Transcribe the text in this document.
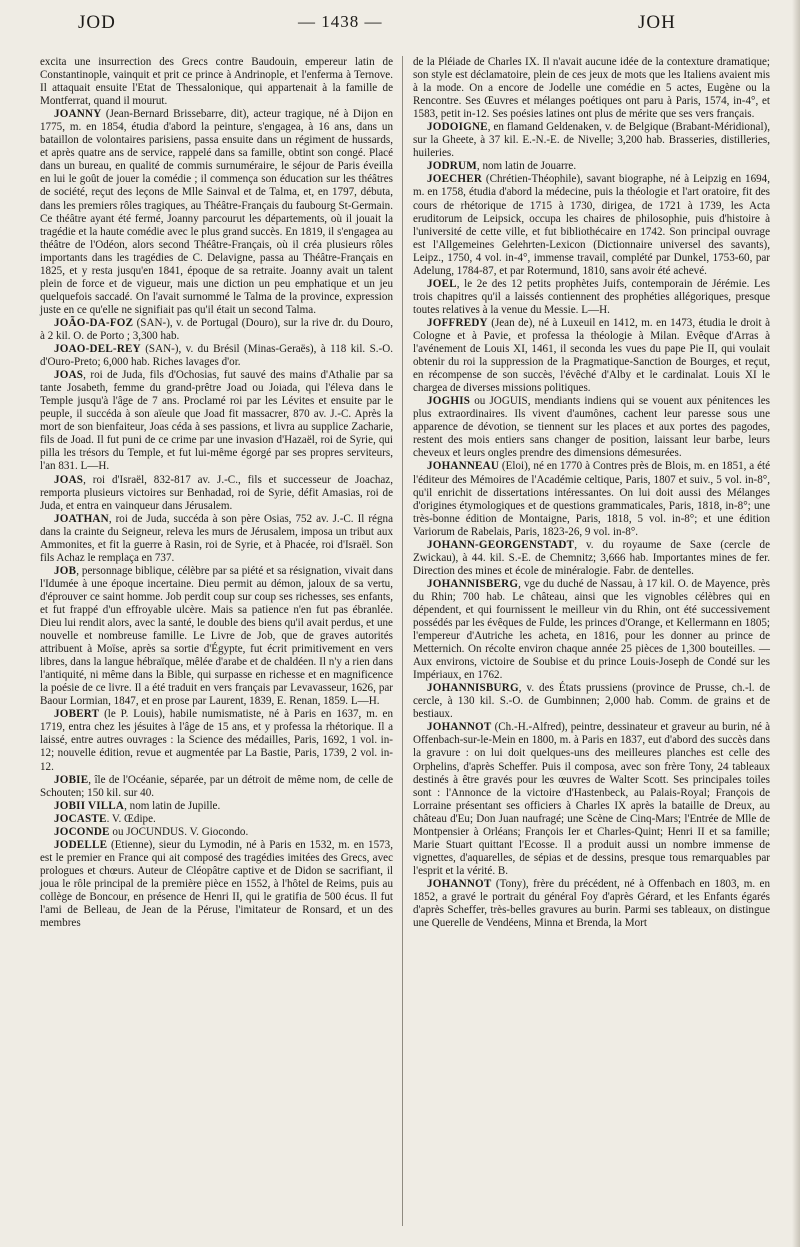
JOD	— 1438 —	JOH

excita une insurrection des Grecs contre Baudouin, empereur latin de Constantinople, vainquit et prit ce prince à Andrinople, et l'enferma à Ternove. Il attaquait ensuite l'Etat de Thessalonique, qui appartenait à la famille de Montferrat, quand il mourut.

JOANNY (Jean-Bernard Brissebarre, dit), acteur tragique, né à Dijon en 1775, m. en 1854, étudia d'abord la peinture, s'engagea, à 16 ans, dans un bataillon de volontaires parisiens, passa ensuite dans un régiment de hussards, et après quatre ans de service, rappelé dans sa famille, obtint son congé. Placé dans un bureau, en qualité de commis surnuméraire, le séjour de Paris éveilla en lui le goût de jouer la comédie ; il commença son éducation sur les théâtres de société, reçut des leçons de Mlle Sainval et de Talma, et, en 1797, débuta, dans les premiers rôles tragiques, au Théâtre-Français du faubourg St-Germain. Ce théâtre ayant été fermé, Joanny parcourut les départements, où il jouait la tragédie et la haute comédie avec le plus grand succès. En 1819, il s'engagea au théâtre de l'Odéon, alors second Théâtre-Français, où il créa plusieurs rôles importants dans les tragédies de C. Delavigne, passa au Théâtre-Français en 1825, et y resta jusqu'en 1841, époque de sa retraite. Joanny avait un talent plein de force et de vigueur, mais une diction un peu emphatique et un jeu quelquefois saccadé. On l'avait surnommé le Talma de la province, expression juste en ce qu'elle ne signifiait pas qu'il était un second Talma.

JOÃO-DA-FOZ (SAN-), v. de Portugal (Douro), sur la rive dr. du Douro, à 2 kil. O. de Porto ; 3,300 hab.

JOAO-DEL-REY (SAN-), v. du Brésil (Minas-Geraës), à 118 kil. S.-O. d'Ouro-Preto; 6,000 hab. Riches lavages d'or.

JOAS, roi de Juda, fils d'Ochosias, fut sauvé des mains d'Athalie par sa tante Josabeth, femme du grand-prêtre Joad ou Joiada, qui l'éleva dans le Temple jusqu'à l'âge de 7 ans. Proclamé roi par les Lévites et ensuite par le peuple, il succéda à son aïeule que Joad fit massacrer, 870 av. J.-C. Après la mort de son bienfaiteur, Joas céda à ses passions, et livra au supplice Zacharie, fils de Joad. Il fut puni de ce crime par une invasion d'Hazaël, roi de Syrie, qui pilla les trésors du Temple, et fut lui-même égorgé par ses propres serviteurs, l'an 831. L—H.

JOAS, roi d'Israël, 832-817 av. J.-C., fils et successeur de Joachaz, remporta plusieurs victoires sur Benhadad, roi de Syrie, défit Amasias, roi de Juda, et entra en vainqueur dans Jérusalem.

JOATHAN, roi de Juda, succéda à son père Osias, 752 av. J.-C. Il régna dans la crainte du Seigneur, releva les murs de Jérusalem, imposa un tribut aux Ammonites, et fit la guerre à Rasin, roi de Syrie, et à Phacée, roi d'Israël. Son fils Achaz le remplaça en 737.

JOB, personnage biblique, célèbre par sa piété et sa résignation, vivait dans l'Idumée à une époque incertaine. Dieu permit au démon, jaloux de sa vertu, d'éprouver ce saint homme. Job perdit coup sur coup ses richesses, ses enfants, et fut frappé d'un effroyable ulcère. Mais sa patience n'en fut pas ébranlée. Dieu lui rendit alors, avec la santé, le double des biens qu'il avait perdus, et une nouvelle et nombreuse famille. Le Livre de Job, que de graves autorités attribuent à Moïse, après sa sortie d'Égypte, fut écrit primitivement en vers libres, dans la langue hébraïque, mêlée d'arabe et de chaldéen. Il n'y a rien dans l'antiquité, ni même dans la Bible, qui surpasse en richesse et en magnificence la poésie de ce livre. Il a été traduit en vers français par Levavasseur, 1626, par Baour Lormian, 1847, et en prose par Laurent, 1839, E. Renan, 1859. L—H.

JOBERT (le P. Louis), habile numismatiste, né à Paris en 1637, m. en 1719, entra chez les jésuites à l'âge de 15 ans, et y professa la rhétorique. Il a laissé, entre autres ouvrages : la Science des médailles, Paris, 1692, 1 vol. in-12; nouvelle édition, revue et augmentée par La Bastie, Paris, 1739, 2 vol. in-12.

JOBIE, île de l'Océanie, séparée, par un détroit de même nom, de celle de Schouten; 150 kil. sur 40.

JOBII VILLA, nom latin de Jupille.

JOCASTE. V. Œdipe.

JOCONDE ou JOCUNDUS. V. Giocondo.

JODELLE (Etienne), sieur du Lymodin, né à Paris en 1532, m. en 1573, est le premier en France qui ait composé des tragédies imitées des Grecs, avec prologues et chœurs. Auteur de Cléopâtre captive et de Didon se sacrifiant, il joua le rôle principal de la première pièce en 1552, à l'hôtel de Reims, puis au collège de Boncour, en présence de Henri II, qui le gratifia de 500 écus. Il fut l'ami de Belleau, de Jean de la Péruse, l'imitateur de Ronsard, et un des membres

de la Pléiade de Charles IX. Il n'avait aucune idée de la contexture dramatique; son style est déclamatoire, plein de ces jeux de mots que les Italiens avaient mis à la mode. On a encore de Jodelle une comédie en 5 actes, Eugène ou la Rencontre. Ses Œuvres et mélanges poétiques ont paru à Paris, 1574, in-4°, et 1583, petit in-12. Ses poésies latines ont plus de mérite que ses vers français.

JODOIGNE, en flamand Geldenaken, v. de Belgique (Brabant-Méridional), sur la Gheete, à 37 kil. E.-N.-E. de Nivelle; 3,200 hab. Brasseries, distilleries, huileries.

JODRUM, nom latin de Jouarre.

JOECHER (Chrétien-Théophile), savant biographe, né à Leipzig en 1694, m. en 1758, étudia d'abord la médecine, puis la théologie et l'art oratoire, fit des cours de rhétorique de 1715 à 1730, dirigea, de 1721 à 1739, les Acta eruditorum de Leipsick, occupa les chaires de philosophie, puis d'histoire à l'université de cette ville, et fut bibliothécaire en 1742. Son principal ouvrage est l'Allgemeines Gelehrten-Lexicon (Dictionnaire universel des savants), Leipz., 1750, 4 vol. in-4°, immense travail, complété par Dunkel, 1753-60, par Adelung, 1784-87, et par Rotermund, 1810, sans avoir été achevé.

JOEL, le 2e des 12 petits prophètes Juifs, contemporain de Jérémie. Les trois chapitres qu'il a laissés contiennent des prophéties allégoriques, presque toutes relatives à la venue du Messie. L—H.

JOFFREDY (Jean de), né à Luxeuil en 1412, m. en 1473, étudia le droit à Cologne et à Pavie, et professa la théologie à Milan. Evêque d'Arras à l'avénement de Louis XI, 1461, il seconda les vues du pape Pie II, qui voulait obtenir du roi la suppression de la Pragmatique-Sanction de Bourges, et reçut, en récompense de son succès, l'évêché d'Alby et le cardinalat. Louis XI le chargea de diverses missions politiques.

JOGHIS ou JOGUIS, mendiants indiens qui se vouent aux pénitences les plus extraordinaires. Ils vivent d'aumônes, cachent leur paresse sous une apparence de dévotion, se tiennent sur les places et aux portes des pagodes, restent des mois entiers sans changer de position, laissant leur barbe, leurs cheveux et leurs ongles prendre des dimensions démesurées.

JOHANNEAU (Eloi), né en 1770 à Contres près de Blois, m. en 1851, a été l'éditeur des Mémoires de l'Académie celtique, Paris, 1807 et suiv., 5 vol. in-8°, qu'il enrichit de dissertations intéressantes. On lui doit aussi des Mélanges d'origines étymologiques et de questions grammaticales, Paris, 1818, in-8°; une très-bonne édition de Montaigne, Paris, 1818, 5 vol. in-8°; et une édition Variorum de Rabelais, Paris, 1823-26, 9 vol. in-8°.

JOHANN-GEORGENSTADT, v. du royaume de Saxe (cercle de Zwickau), à 44. kil. S.-E. de Chemnitz; 3,666 hab. Importantes mines de fer. Direction des mines et école de minéralogie. Fabr. de dentelles.

JOHANNISBERG, vge du duché de Nassau, à 17 kil. O. de Mayence, près du Rhin; 700 hab. Le château, ainsi que les vignobles célèbres qui en dépendent, et qui fournissent le meilleur vin du Rhin, ont été successivement possédés par les évêques de Fulde, les princes d'Orange, et Kellermann en 1805; l'empereur d'Autriche les acheta, en 1816, pour les donner au prince de Metternich. On récolte environ chaque année 25 pièces de 1,300 bouteilles. — Aux environs, victoire de Soubise et du prince Louis-Joseph de Condé sur les Impériaux, en 1762.

JOHANNISBURG, v. des États prussiens (province de Prusse, ch.-l. de cercle, à 130 kil. S.-O. de Gumbinnen; 2,000 hab. Comm. de grains et de bestiaux.

JOHANNOT (Ch.-H.-Alfred), peintre, dessinateur et graveur au burin, né à Offenbach-sur-le-Mein en 1800, m. à Paris en 1837, eut d'abord des succès dans la gravure : on lui doit quelques-uns des meilleures planches est celle des Orphelins, d'après Scheffer. Puis il composa, avec son frère Tony, 24 tableaux destinés à être gravés pour les œuvres de Walter Scott. Ses principales toiles sont : l'Annonce de la victoire d'Hastenbeck, au Palais-Royal; François de Lorraine présentant ses officiers à Charles IX après la bataille de Dreux, au château d'Eu; Don Juan naufragé; une Scène de Cinq-Mars; l'Entrée de Mlle de Montpensier à Orléans; François Ier et Charles-Quint; Henri II et sa famille; Marie Stuart quittant l'Ecosse. Il a produit aussi un nombre immense de vignettes, d'aquarelles, de sépias et de dessins, presque tous remarquables par l'esprit et la vérité. B.

JOHANNOT (Tony), frère du précédent, né à Offenbach en 1803, m. en 1852, a gravé le portrait du général Foy d'après Gérard, et les Enfants égarés d'après Scheffer, très-belles gravures au burin. Parmi ses tableaux, on distingue une Querelle de Vendéens, Minna et Brenda, la Mort
